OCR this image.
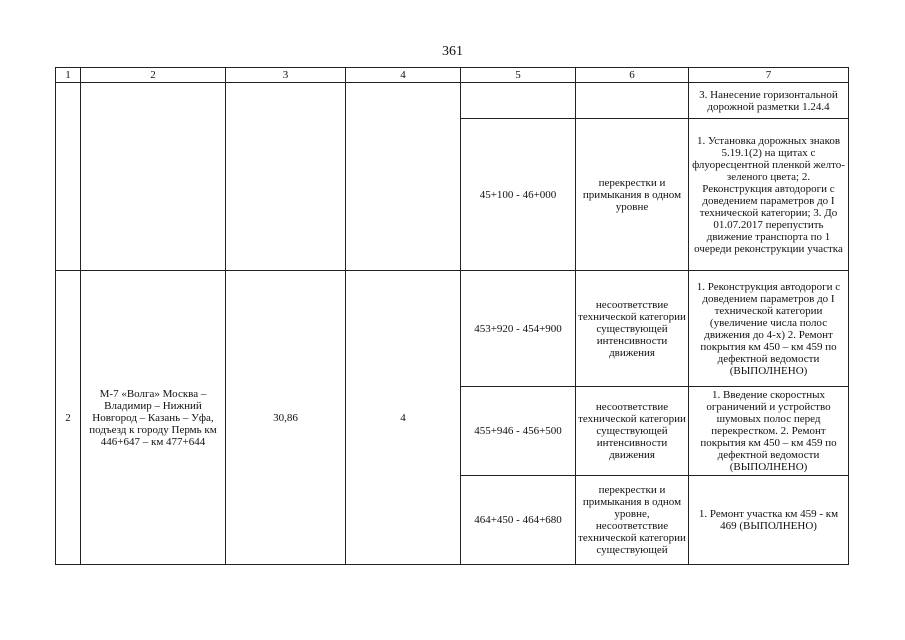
361
1	2	3	4	5	6	7
						3. Нанесение горизонтальной дорожной разметки 1.24.4
				45+100 - 46+000	перекрестки и примыкания в одном уровне	1. Установка дорожных знаков 5.19.1(2) на щитах с флуоресцентной пленкой желто-зеленого цвета; 2. Реконструкция автодороги с доведением параметров до I технической категории; 3. До 01.07.2017 перепустить движение транспорта по 1 очереди реконструкции участка
2	М-7 «Волга» Москва – Владимир – Нижний Новгород – Казань – Уфа, подъезд к городу Пермь км 446+647 – км 477+644	30,86	4	453+920 - 454+900	несоответствие технической категории существующей интенсивности движения	1. Реконструкция автодороги с доведением параметров до I технической категории (увеличение числа полос движения до 4-х) 2. Ремонт покрытия км 450 – км 459 по дефектной ведомости (ВЫПОЛНЕНО)
				455+946 - 456+500	несоответствие технической категории существующей интенсивности движения	1. Введение скоростных ограничений и устройство шумовых полос перед перекрестком. 2. Ремонт покрытия км 450 – км 459 по дефектной ведомости (ВЫПОЛНЕНО)
				464+450 - 464+680	перекрестки и примыкания в одном уровне, несоответствие технической категории существующей	1. Ремонт участка км 459 - км 469 (ВЫПОЛНЕНО)
